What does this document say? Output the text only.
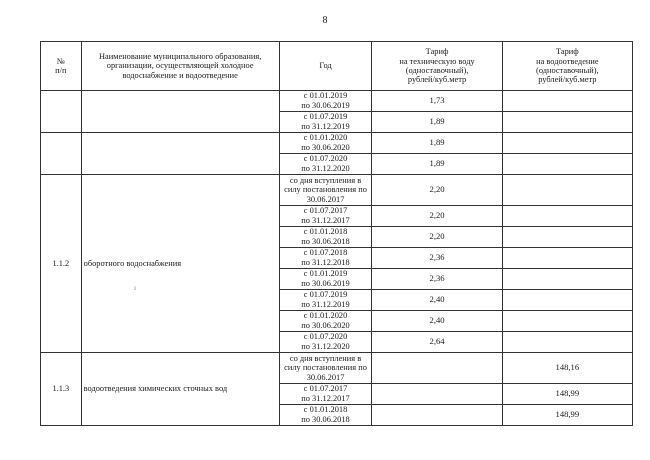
8
№
п/п	Наименование муниципального образования, организации, осуществляющей холодное водоснабжение и водоотведение	Год	Тариф
на техническую воду
(одноставочный),
рублей/куб.метр	Тариф
на водоотведение
(одноставочный),
рублей/куб.метр
		с 01.01.2019
по 30.06.2019	1,73	
		с 01.07.2019
по 31.12.2019	1,89	
		с 01.01.2020
по 30.06.2020	1,89	
		с 01.07.2020
по 31.12.2020	1,89	
1.1.2	оборотного водоснабжения	со дня вступления в силу постановления по 30.06.2017	2,20	
		с 01.07.2017
по 31.12.2017	2,20	
		с 01.01.2018
по 30.06.2018	2,20	
		с 01.07.2018
по 31.12.2018	2,36	
		с 01.01.2019
по 30.06.2019	2,36	
		с 01.07.2019
по 31.12.2019	2,40	
		с 01.01.2020
по 30.06.2020	2,40	
		с 01.07.2020
по 31.12.2020	2,64	
1.1.3	водоотведения химических сточных вод	со дня вступления в силу постановления по 30.06.2017		148,16
		с 01.07.2017
по 31.12.2017		148,99
		с 01.01.2018
по 30.06.2018		148,99
ı
